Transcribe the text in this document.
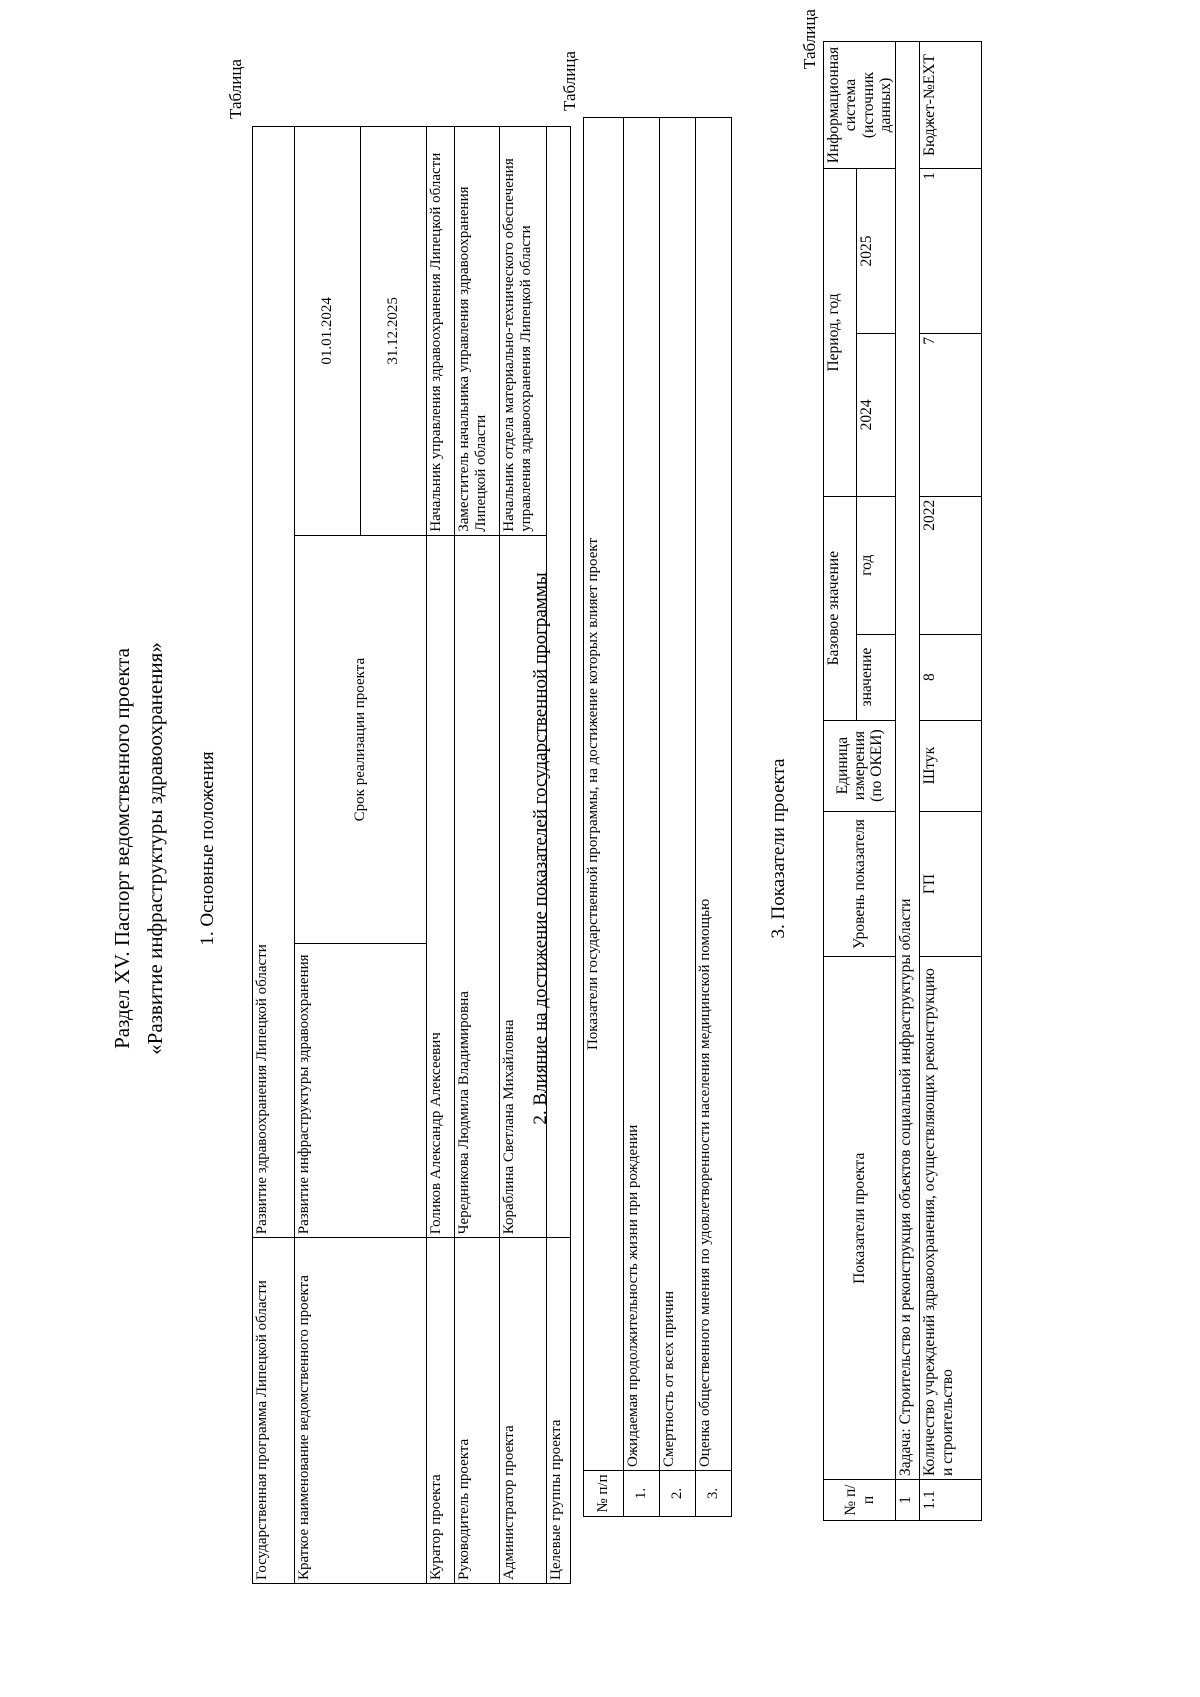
Раздел XV. Паспорт ведомственного проекта «Развитие инфраструктуры здравоохранения» 1. Основные положения
Таблица
Государственная программа Липецкой области	Развитие здравоохранения Липецкой области		
Краткое наименование ведомственного проекта	Развитие инфраструктуры здравоохранения	Срок реализации проекта	01.01.2024
			31.12.2025
Куратор проекта	Голиков Александр Алексеевич		Начальник управления здравоохранения Липецкой области
Руководитель проекта	Чередникова Людмила Владимировна		Заместитель начальника управления здравоохранения Липецкой области
Администратор проекта	Кораблина Светлана Михайловна		Начальник отдела материально-технического обеспечения управления здравоохранения Липецкой области
Целевые группы проекта			
2. Влияние на достижение показателей государственной программы
Таблица
№ п/п	Показатели государственной программы, на достижение которых влияет проект
1.	Ожидаемая продолжительность жизни при рождении
2.	Смертность от всех причин
3.	Оценка общественного мнения по удовлетворенности населения медицинской помощью
3. Показатели проекта
Таблица
№ п/п	Показатели проекта	Уровень показателя	Единица измерения (по ОКЕИ)	Базовое значение		Период, год		Информационная система (источник данных)
				значение	год	2024	2025	
1	Задача: Строительство и реконструкция объектов социальной инфраструктуры области							
1.1	Количество учреждений здравоохранения, осуществляющих реконструкцию и строительство	ГП	Штук	8	2022	7	1	Бюджет-№ЕХТ
